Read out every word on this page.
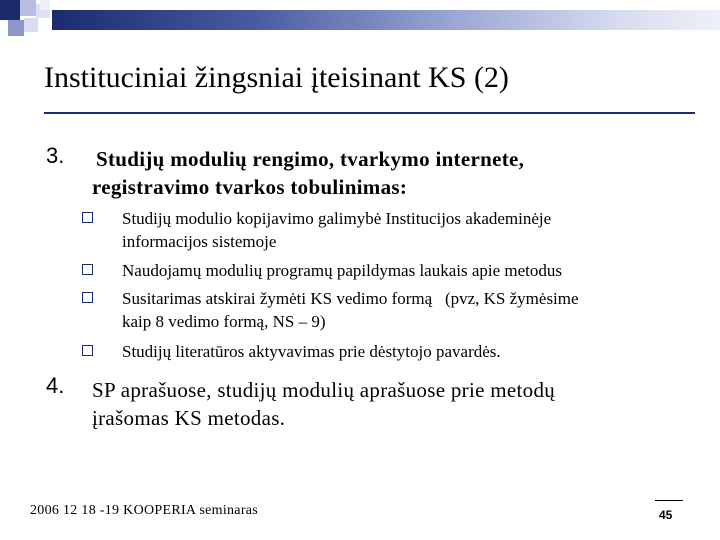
Instituciniai žingsniai įteisinant KS (2)
3. Studijų modulių rengimo, tvarkymo internete,
registravimo tvarkos tobulinimas:
Studijų modulio kopijavimo galimybė Institucijos akademinėje
informacijos sistemoje
Naudojamų modulių programų papildymas laukais apie metodus
Susitarimas atskirai žymėti KS vedimo formą   (pvz, KS žymėsime
kaip 8 vedimo formą, NS – 9)
Studijų literatūros aktyvavimas prie dėstytojo pavardės.
4. SP aprašuose, studijų modulių aprašuose prie metodų
įrašomas KS metodas.
2006 12 18 -19 KOOPERIA seminaras	45
